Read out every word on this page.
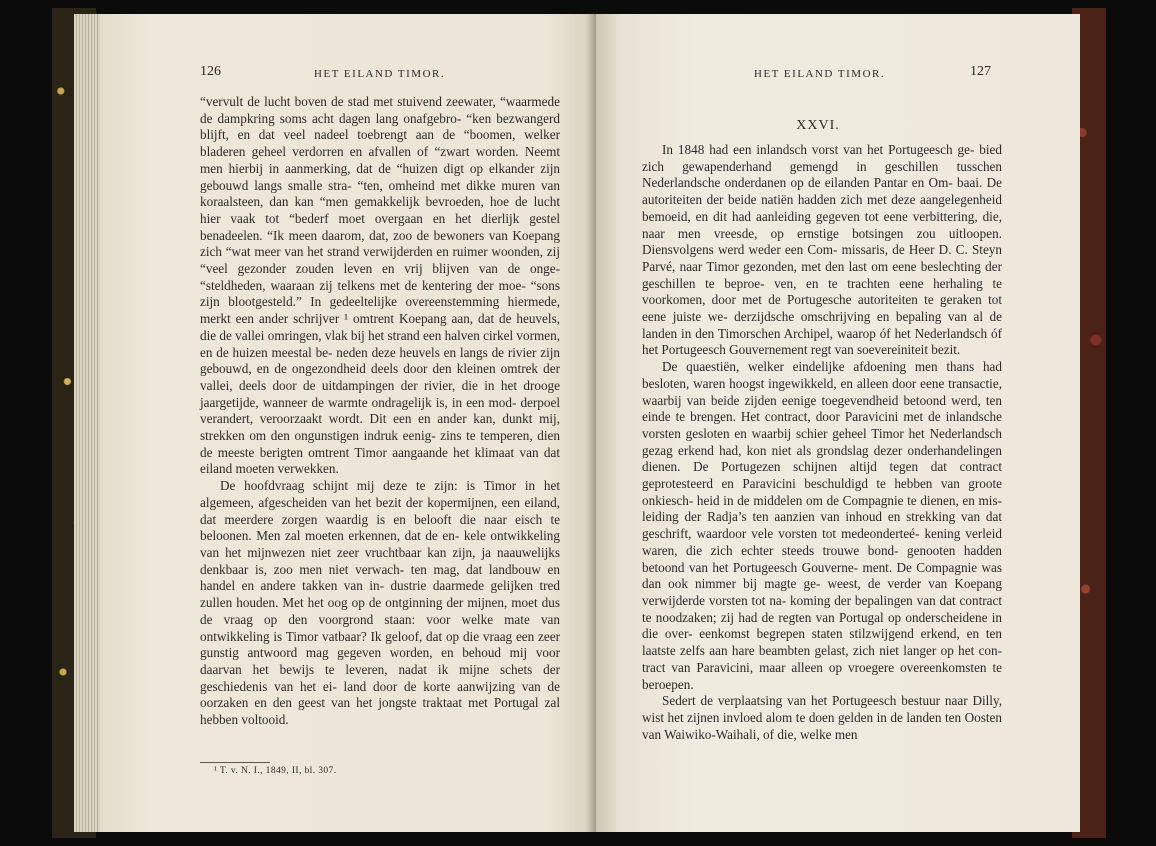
126	HET EILAND TIMOR.

“vervult de lucht boven de stad met stuivend zeewater, “waarmede de dampkring soms acht dagen lang onafgebro- “ken bezwangerd blijft, en dat veel nadeel toebrengt aan de “boomen, welker bladeren geheel verdorren en afvallen of “zwart worden. Neemt men hierbij in aanmerking, dat de “huizen digt op elkander zijn gebouwd langs smalle stra- “ten, omheind met dikke muren van koraalsteen, dan kan “men gemakkelijk bevroeden, hoe de lucht hier vaak tot “bederf moet overgaan en het dierlijk gestel benadeelen. “Ik meen daarom, dat, zoo de bewoners van Koepang zich “wat meer van het strand verwijderden en ruimer woonden, zij “veel gezonder zouden leven en vrij blijven van de onge- “steldheden, waaraan zij telkens met de kentering der moe- “sons zijn blootgesteld.” In gedeeltelijke overeenstemming hiermede, merkt een ander schrijver ¹ omtrent Koepang aan, dat de heuvels, die de vallei omringen, vlak bij het strand een halven cirkel vormen, en de huizen meestal be- neden deze heuvels en langs de rivier zijn gebouwd, en de ongezondheid deels door den kleinen omtrek der vallei, deels door de uitdampingen der rivier, die in het drooge jaargetijde, wanneer de warmte ondragelijk is, in een mod- derpoel verandert, veroorzaakt wordt. Dit een en ander kan, dunkt mij, strekken om den ongunstigen indruk eenig- zins te temperen, dien de meeste berigten omtrent Timor aangaande het klimaat van dat eiland moeten verwekken.

De hoofdvraag schijnt mij deze te zijn: is Timor in het algemeen, afgescheiden van het bezit der kopermijnen, een eiland, dat meerdere zorgen waardig is en belooft die naar eisch te beloonen. Men zal moeten erkennen, dat de en- kele ontwikkeling van het mijnwezen niet zeer vruchtbaar kan zijn, ja naauwelijks denkbaar is, zoo men niet verwach- ten mag, dat landbouw en handel en andere takken van in- dustrie daarmede gelijken tred zullen houden. Met het oog op de ontginning der mijnen, moet dus de vraag op den voorgrond staan: voor welke mate van ontwikkeling is Timor vatbaar? Ik geloof, dat op die vraag een zeer gunstig antwoord mag gegeven worden, en behoud mij voor daarvan het bewijs te leveren, nadat ik mijne schets der geschiedenis van het ei- land door de korte aanwijzing van de oorzaken en den geest van het jongste traktaat met Portugal zal hebben voltooid.

¹ T. v. N. I., 1849, II, bl. 307.
HET EILAND TIMOR.	127
XXVI.

In 1848 had een inlandsch vorst van het Portugeesch ge- bied zich gewapenderhand gemengd in geschillen tusschen Nederlandsche onderdanen op de eilanden Pantar en Om- baai. De autoriteiten der beide natiën hadden zich met deze aangelegenheid bemoeid, en dit had aanleiding gegeven tot eene verbittering, die, naar men vreesde, op ernstige botsingen zou uitloopen. Diensvolgens werd weder een Com- missaris, de Heer D. C. Steyn Parvé, naar Timor gezonden, met den last om eene beslechting der geschillen te beproe- ven, en te trachten eene herhaling te voorkomen, door met de Portugesche autoriteiten te geraken tot eene juiste we- derzijdsche omschrijving en bepaling van al de landen in den Timorschen Archipel, waarop óf het Nederlandsch óf het Portugeesch Gouvernement regt van soevereiniteit bezit.

De quaestiën, welker eindelijke afdoening men thans had besloten, waren hoogst ingewikkeld, en alleen door eene transactie, waarbij van beide zijden eenige toegevendheid betoond werd, ten einde te brengen. Het contract, door Paravicini met de inlandsche vorsten gesloten en waarbij schier geheel Timor het Nederlandsch gezag erkend had, kon niet als grondslag dezer onderhandelingen dienen. De Portugezen schijnen altijd tegen dat contract geprotesteerd en Paravicini beschuldigd te hebben van groote onkiesch- heid in de middelen om de Compagnie te dienen, en mis- leiding der Radja’s ten aanzien van inhoud en strekking van dat geschrift, waardoor vele vorsten tot medeonderteé- kening verleid waren, die zich echter steeds trouwe bond- genooten hadden betoond van het Portugeesch Gouverne- ment. De Compagnie was dan ook nimmer bij magte ge- weest, de verder van Koepang verwijderde vorsten tot na- koming der bepalingen van dat contract te noodzaken; zij had de regten van Portugal op onderscheidene in die over- eenkomst begrepen staten stilzwijgend erkend, en ten laatste zelfs aan hare beambten gelast, zich niet langer op het con- tract van Paravicini, maar alleen op vroegere overeenkomsten te beroepen.

Sedert de verplaatsing van het Portugeesch bestuur naar Dilly, wist het zijnen invloed alom te doen gelden in de landen ten Oosten van Waiwiko-Waihali, of die, welke men
